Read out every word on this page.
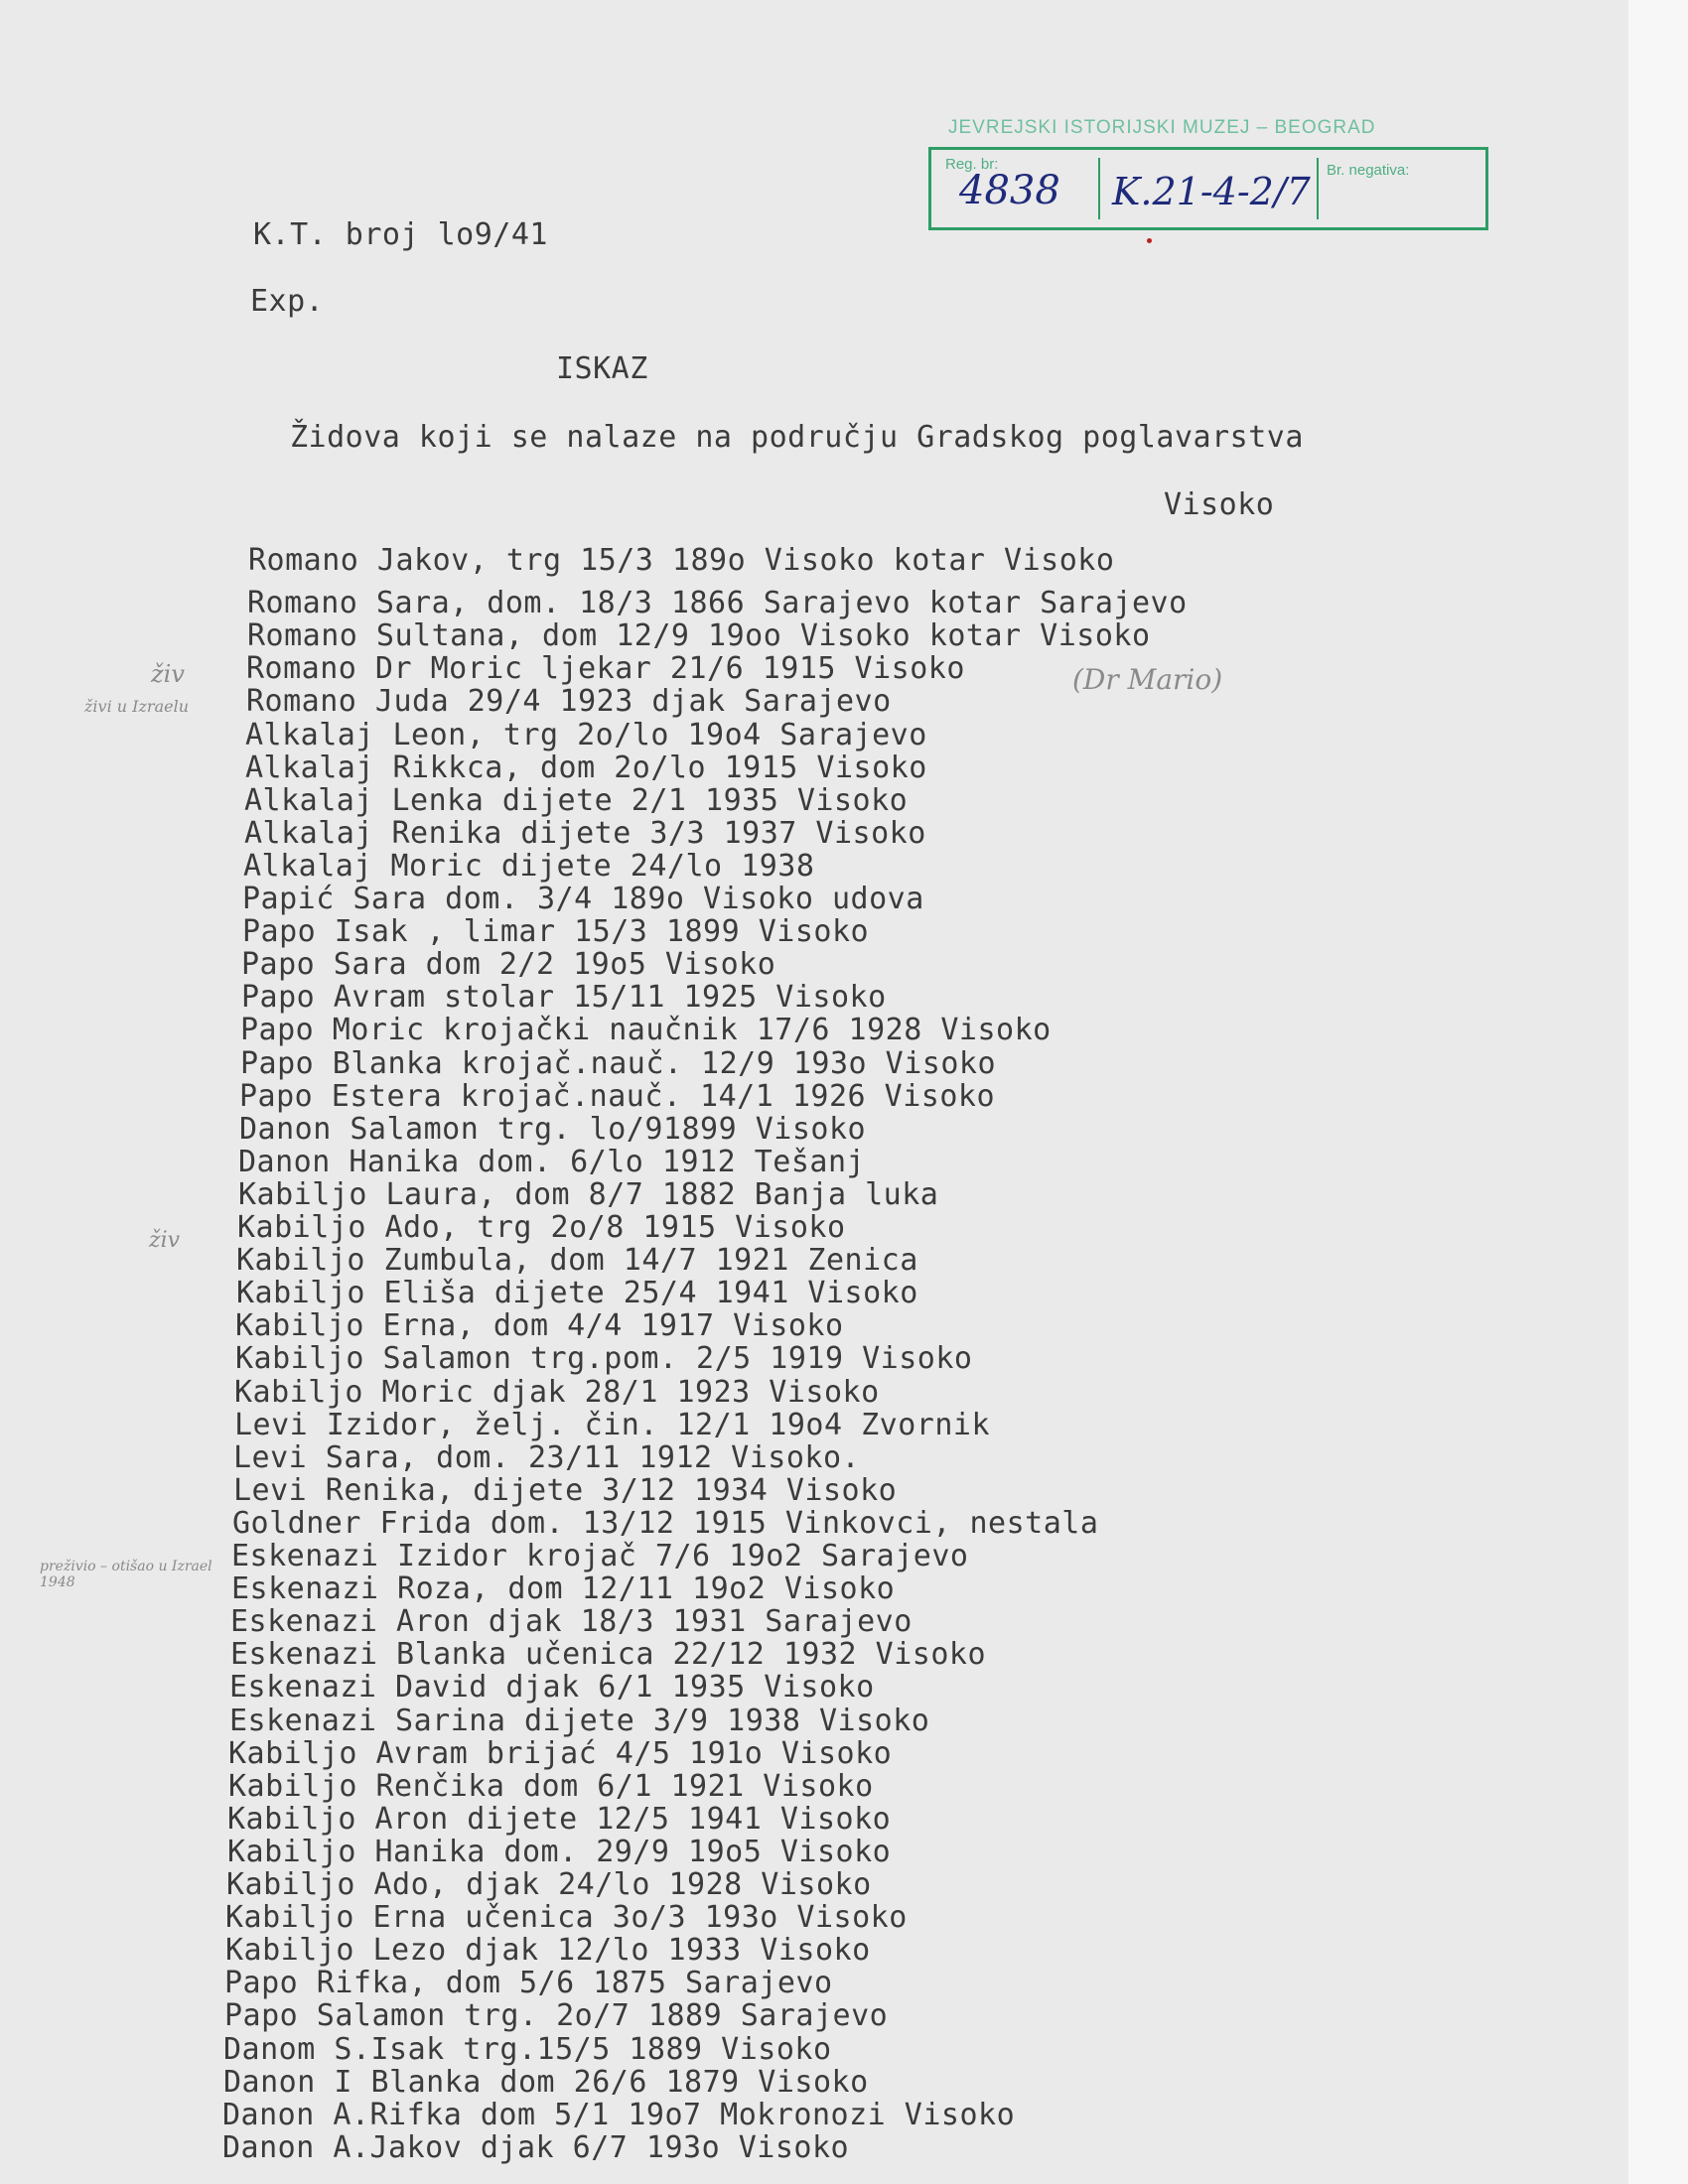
JEVREJSKI ISTORIJSKI MUZEJ – BEOGRAD
Reg. br:
4838 K.21-4-2/7 Br. negativa:
K.T. broj lo9/41
Exp.
ISKAZ
Židova koji se nalaze na području Gradskog poglavarstva
Visoko
Romano Jakov, trg 15/3 189o Visoko kotar Visoko
Romano Sara, dom. 18/3 1866 Sarajevo kotar Sarajevo
Romano Sultana, dom 12/9 19oo Visoko kotar Visoko
Romano Dr Moric ljekar 21/6 1915 Visoko
Romano Juda 29/4 1923 djak Sarajevo
Alkalaj Leon, trg 2o/lo 19o4 Sarajevo
Alkalaj Rikkca, dom 2o/lo 1915 Visoko
Alkalaj Lenka dijete 2/1 1935 Visoko
Alkalaj Renika dijete 3/3 1937 Visoko
Alkalaj Moric dijete 24/lo 1938
Papić Sara dom. 3/4 189o Visoko udova
Papo Isak , limar 15/3 1899 Visoko
Papo Sara dom 2/2 19o5 Visoko
Papo Avram stolar 15/11 1925 Visoko
Papo Moric krojački naučnik 17/6 1928 Visoko
Papo Blanka krojač.nauč. 12/9 193o Visoko
Papo Estera krojač.nauč. 14/1 1926 Visoko
Danon Salamon trg. lo/91899 Visoko
Danon Hanika dom. 6/lo 1912 Tešanj
Kabiljo Laura, dom 8/7 1882 Banja luka
Kabiljo Ado, trg 2o/8 1915 Visoko
Kabiljo Zumbula, dom 14/7 1921 Zenica
Kabiljo Eliša dijete 25/4 1941 Visoko
Kabiljo Erna, dom 4/4 1917 Visoko
Kabiljo Salamon trg.pom. 2/5 1919 Visoko
Kabiljo Moric djak 28/1 1923 Visoko
Levi Izidor, želj. čin. 12/1 19o4 Zvornik
Levi Sara, dom. 23/11 1912 Visoko.
Levi Renika, dijete 3/12 1934 Visoko
Goldner Frida dom. 13/12 1915 Vinkovci, nestala
Eskenazi Izidor krojač 7/6 19o2 Sarajevo
Eskenazi Roza, dom 12/11 19o2 Visoko
Eskenazi Aron djak 18/3 1931 Sarajevo
Eskenazi Blanka učenica 22/12 1932 Visoko
Eskenazi David djak 6/1 1935 Visoko
Eskenazi Sarina dijete 3/9 1938 Visoko
Kabiljo Avram brijać 4/5 191o Visoko
Kabiljo Renčika dom 6/1 1921 Visoko
Kabiljo Aron dijete 12/5 1941 Visoko
Kabiljo Hanika dom. 29/9 19o5 Visoko
Kabiljo Ado, djak 24/lo 1928 Visoko
Kabiljo Erna učenica 3o/3 193o Visoko
Kabiljo Lezo djak 12/lo 1933 Visoko
Papo Rifka, dom 5/6 1875 Sarajevo
Papo Salamon trg. 2o/7 1889 Sarajevo
Danom S.Isak trg.15/5 1889 Visoko
Danon I Blanka dom 26/6 1879 Visoko
Danon A.Rifka dom 5/1 19o7 Mokronozi Visoko
Danon A.Jakov djak 6/7 193o Visoko
(Dr Mario)
živ
živi u Izraelu
živ
preživio – otišao u Izrael 1948
